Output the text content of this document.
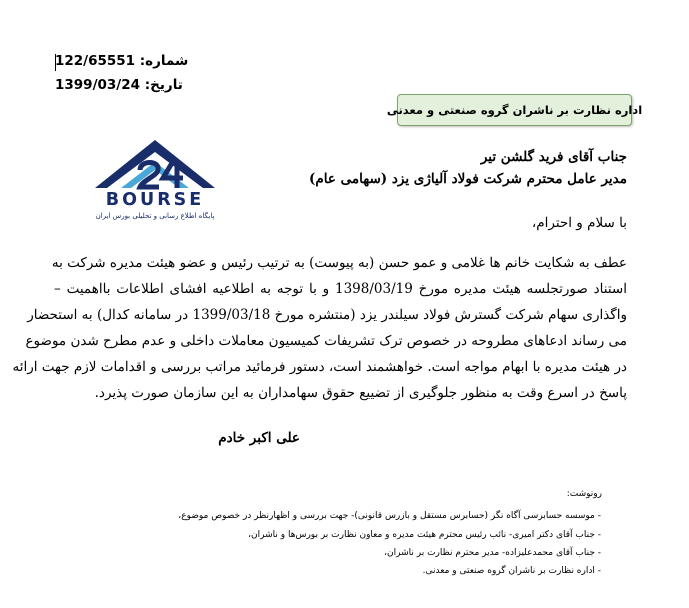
شماره: 122/65551
تاریخ: 1399/03/24
اداره نظارت بر ناشران گروه صنعتی و معدنی
BOURSE
پایگاه اطلاع رسانی و تحلیلی بورس ایران
جناب آقای فرید گلشن تیر
مدیر عامل محترم شرکت فولاد آلیاژی یزد (سهامی عام)
با سلام و احترام،
عطف به شکایت خانم ها غلامی و عمو حسن (به پیوست) به ترتیب رئیس و عضو هیئت مدیره شرکت به
استناد صورتجلسه هیئت مدیره مورخ 1398/03/19 و با توجه به اطلاعیه افشای اطلاعات بااهمیت –
واگذاری سهام شرکت گسترش فولاد سیلندر یزد (منتشره مورخ 1399/03/18 در سامانه کدال) به استحضار
می رساند ادعاهای مطروحه در خصوص ترک تشریفات کمیسیون معاملات داخلی و عدم مطرح شدن موضوع
در هیئت مدیره با ابهام مواجه است. خواهشمند است، دستور فرمائید مراتب بررسی و اقدامات لازم جهت ارائه
پاسخ در اسرع وقت به منظور جلوگیری از تضییع حقوق سهامداران به این سازمان صورت پذیرد.
علی اکبر خادم
رونوشت:
- موسسه حسابرسی آگاه نگر (حسابرس مستقل و بازرس قانونی)- جهت بررسی و اظهارنظر در خصوص موضوع،
- جناب آقای دکتر امیری- نائب رئیس محترم هیئت مدیره و معاون نظارت بر بورس‌ها و ناشران،
- جناب آقای محمدعلیزاده- مدیر محترم نظارت بر ناشران،
- اداره نظارت بر ناشران گروه صنعتی و معدنی.
